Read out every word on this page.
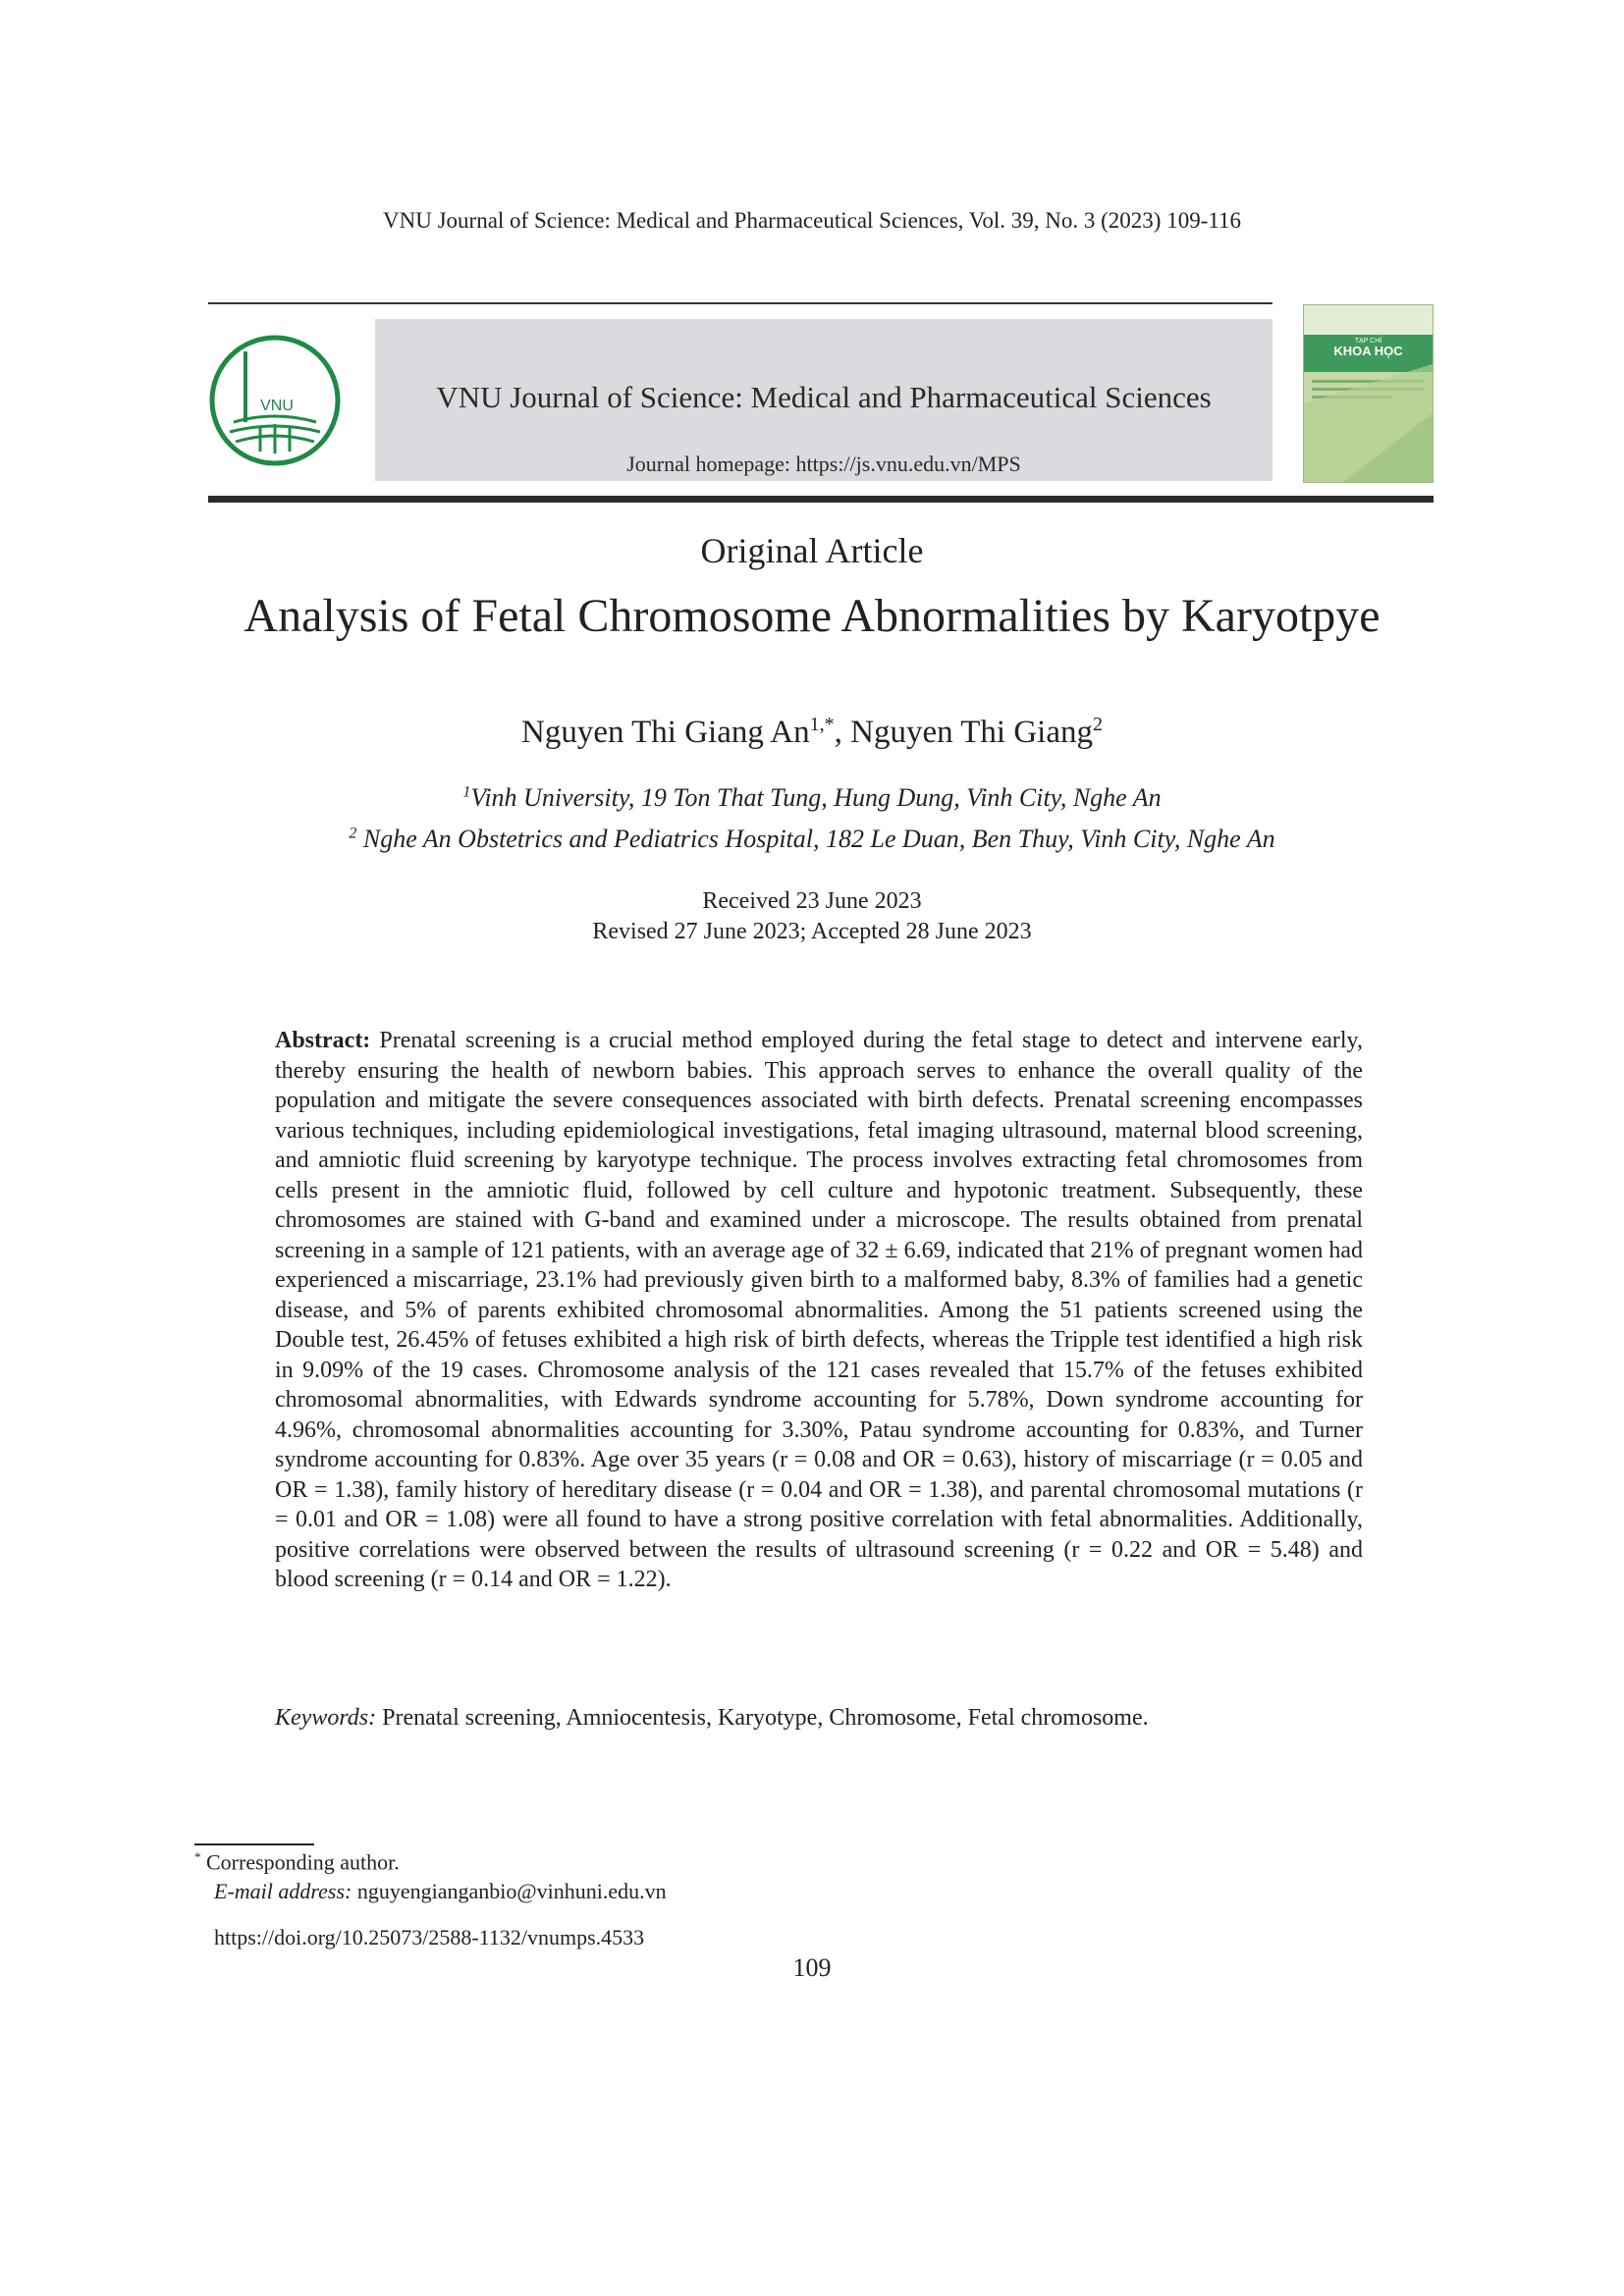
VNU Journal of Science: Medical and Pharmaceutical Sciences, Vol. 39, No. 3 (2023) 109-116
VNU	VNU Journal of Science: Medical and Pharmaceutical Sciences
Journal homepage: https://js.vnu.edu.vn/MPS
TẠP CHÍ
KHOA HỌC
Original Article
Analysis of Fetal Chromosome Abnormalities by Karyotpye
Nguyen Thi Giang $An^{1,*}$, Nguyen Thi Giang$^2$
$^1$Vinh University, 19 Ton That Tung, Hung Dung, Vinh City, Nghe An
$^2$ Nghe An Obstetrics and Pediatrics Hospital, 182 Le Duan, Ben Thuy, Vinh City, Nghe An
Received 23 June 2023
Revised 27 June 2023; Accepted 28 June 2023
Abstract: Prenatal screening is a crucial method employed during the fetal stage to detect and intervene early, thereby ensuring the health of newborn babies. This approach serves to enhance the overall quality of the population and mitigate the severe consequences associated with birth defects. Prenatal screening encompasses various techniques, including epidemiological investigations, fetal imaging ultrasound, maternal blood screening, and amniotic fluid screening by karyotype technique. The process involves extracting fetal chromosomes from cells present in the amniotic fluid, followed by cell culture and hypotonic treatment. Subsequently, these chromosomes are stained with G-band and examined under a microscope. The results obtained from prenatal screening in a sample of 121 patients, with an average age of 32 ± 6.69, indicated that 21% of pregnant women had experienced a miscarriage, 23.1% had previously given birth to a malformed baby, 8.3% of families had a genetic disease, and 5% of parents exhibited chromosomal abnormalities. Among the 51 patients screened using the Double test, 26.45% of fetuses exhibited a high risk of birth defects, whereas the Tripple test identified a high risk in 9.09% of the 19 cases. Chromosome analysis of the 121 cases revealed that 15.7% of the fetuses exhibited chromosomal abnormalities, with Edwards syndrome accounting for 5.78%, Down syndrome accounting for 4.96%, chromosomal abnormalities accounting for 3.30%, Patau syndrome accounting for 0.83%, and Turner syndrome accounting for 0.83%. Age over 35 years (r = 0.08 and OR = 0.63), history of miscarriage (r = 0.05 and OR = 1.38), family history of hereditary disease (r = 0.04 and OR = 1.38), and parental chromosomal mutations (r = 0.01 and OR = 1.08) were all found to have a strong positive correlation with fetal abnormalities. Additionally, positive correlations were observed between the results of ultrasound screening (r = 0.22 and OR = 5.48) and blood screening (r = 0.14 and OR = 1.22).
Keywords: Prenatal screening, Amniocentesis, Karyotype, Chromosome, Fetal chromosome.
* Corresponding author.
E-mail address: nguyengianganbio@vinhuni.edu.vn
https://doi.org/10.25073/2588-1132/vnumps.4533
109
